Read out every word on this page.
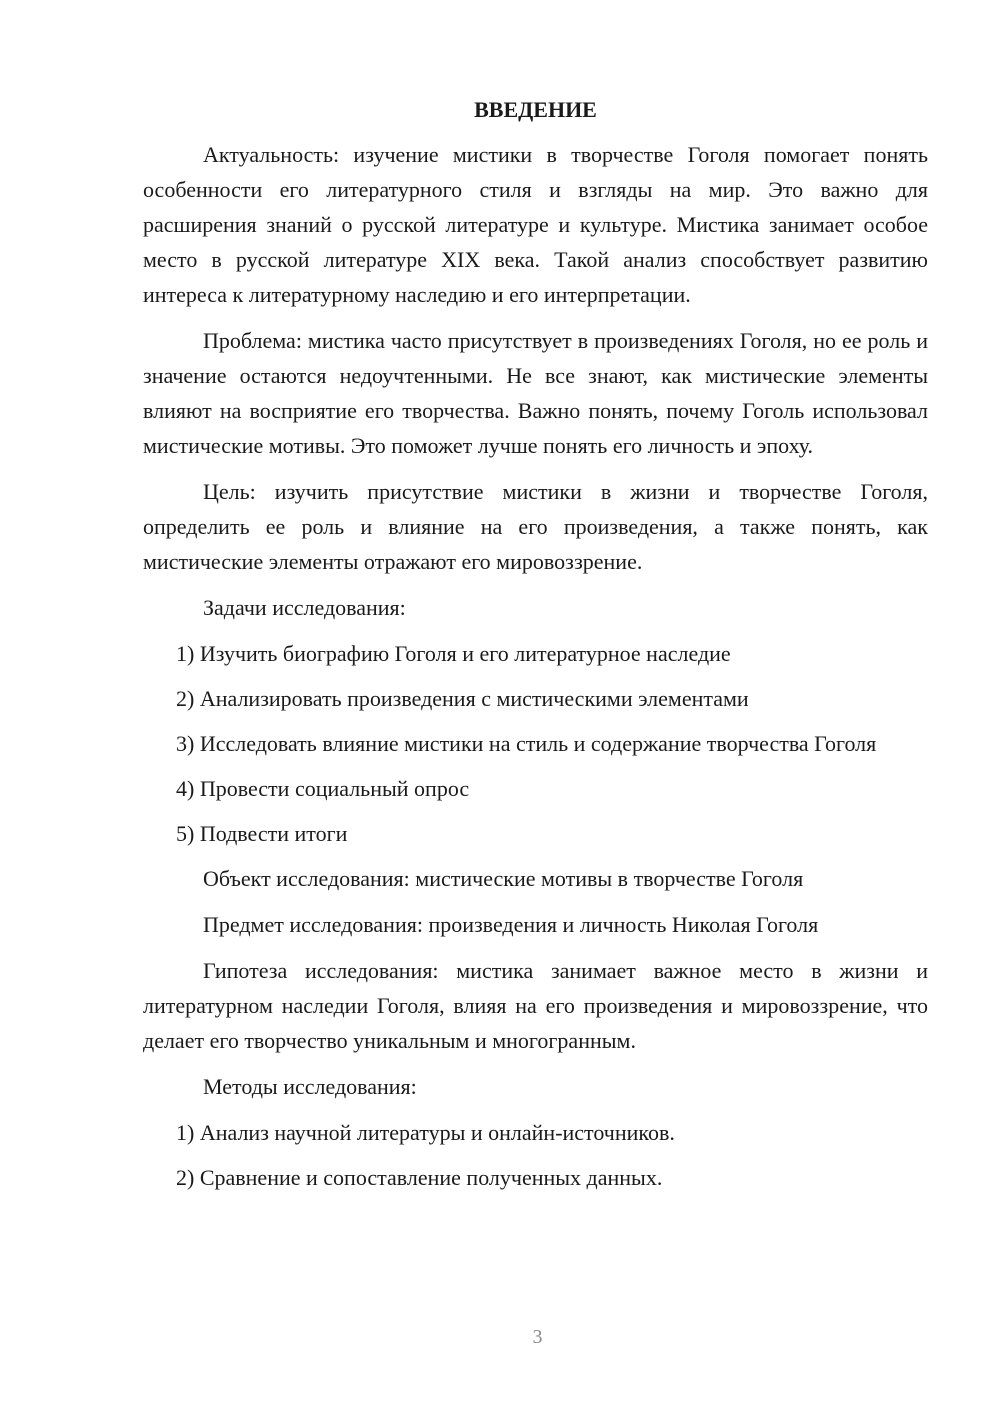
ВВЕДЕНИЕ

Актуальность: изучение мистики в творчестве Гоголя помогает понять особенности его литературного стиля и взгляды на мир. Это важно для расширения знаний о русской литературе и культуре. Мистика занимает особое место в русской литературе XIX века. Такой анализ способствует развитию интереса к литературному наследию и его интерпретации.

Проблема: мистика часто присутствует в произведениях Гоголя, но ее роль и значение остаются недоучтенными. Не все знают, как мистические элементы влияют на восприятие его творчества. Важно понять, почему Гоголь использовал мистические мотивы. Это поможет лучше понять его личность и эпоху.

Цель: изучить присутствие мистики в жизни и творчестве Гоголя, определить ее роль и влияние на его произведения, а также понять, как мистические элементы отражают его мировоззрение.

Задачи исследования:

1) Изучить биографию Гоголя и его литературное наследие

2) Анализировать произведения с мистическими элементами

3) Исследовать влияние мистики на стиль и содержание творчества Гоголя

4) Провести социальный опрос

5) Подвести итоги

Объект исследования: мистические мотивы в творчестве Гоголя

Предмет исследования: произведения и личность Николая Гоголя

Гипотеза исследования: мистика занимает важное место в жизни и литературном наследии Гоголя, влияя на его произведения и мировоззрение, что делает его творчество уникальным и многогранным.

Методы исследования:

1) Анализ научной литературы и онлайн-источников.

2) Сравнение и сопоставление полученных данных.

3
